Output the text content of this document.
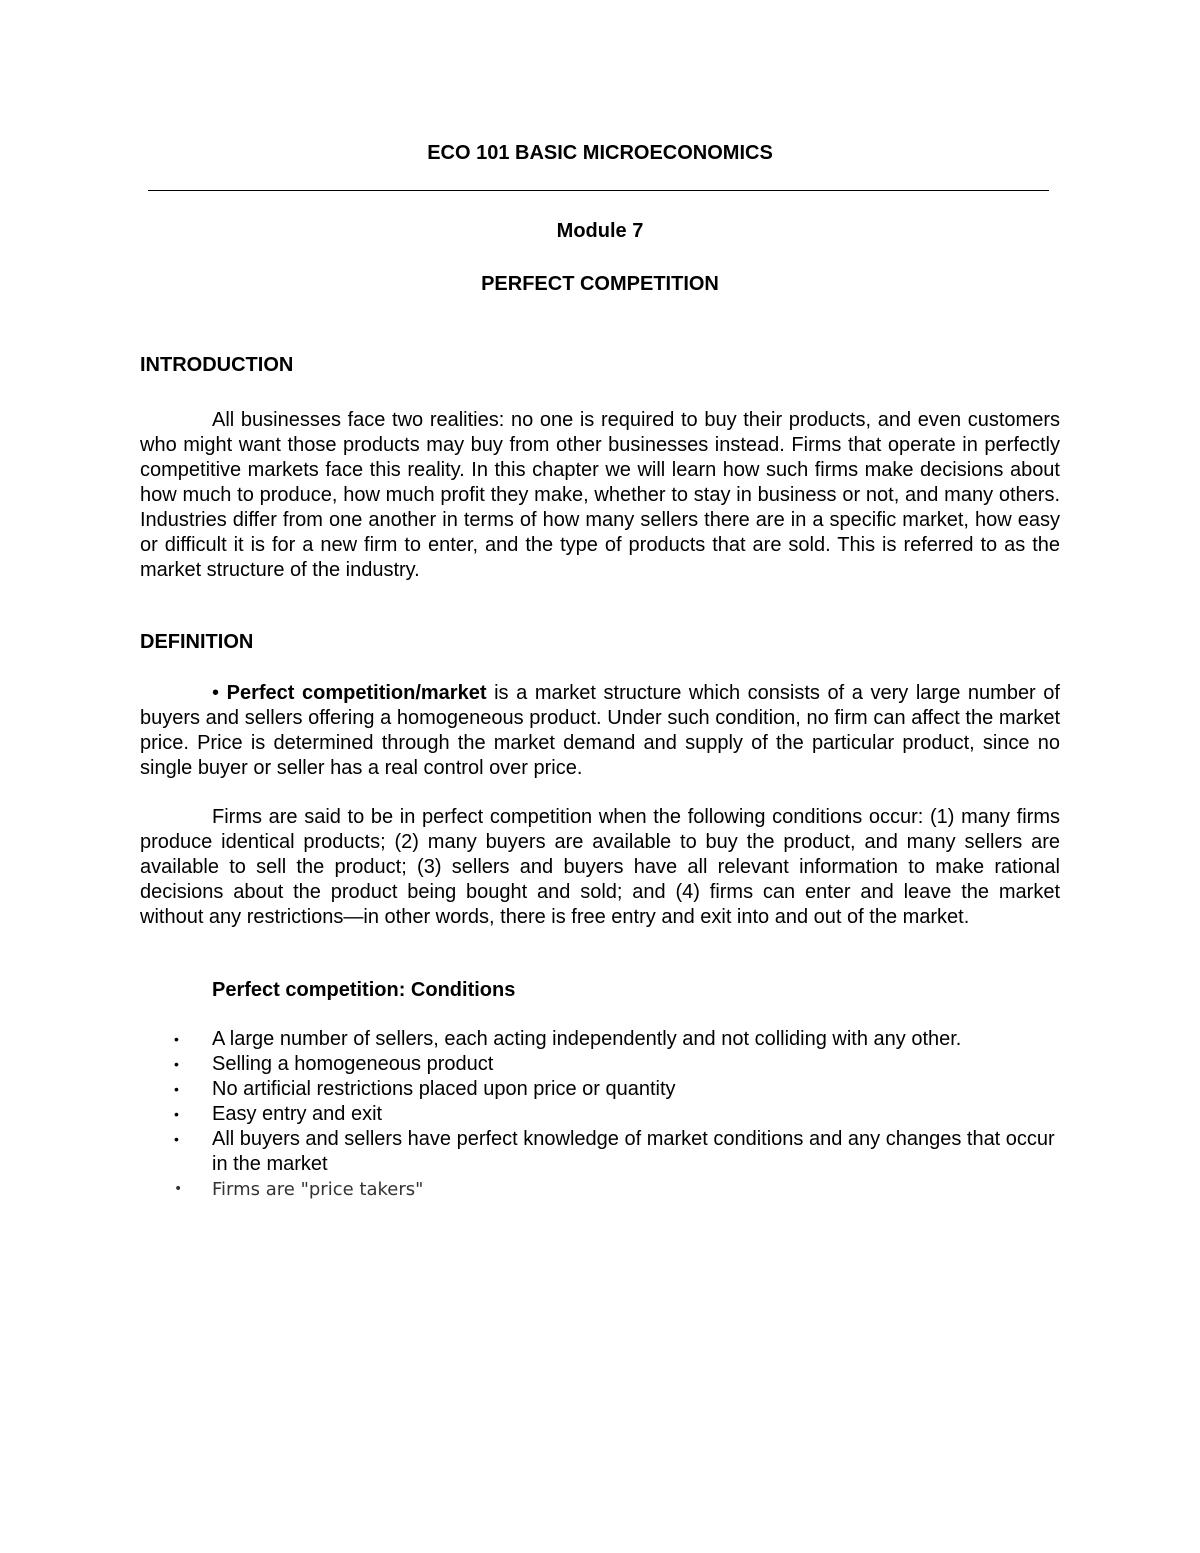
ECO 101 BASIC MICROECONOMICS
Module 7
PERFECT COMPETITION
INTRODUCTION

All businesses face two realities: no one is required to buy their products, and even customers who might want those products may buy from other businesses instead. Firms that operate in perfectly competitive markets face this reality. In this chapter we will learn how such firms make decisions about how much to produce, how much profit they make, whether to stay in business or not, and many others. Industries differ from one another in terms of how many sellers there are in a specific market, how easy or difficult it is for a new firm to enter, and the type of products that are sold. This is referred to as the market structure of the industry.

DEFINITION

• Perfect competition/market is a market structure which consists of a very large number of buyers and sellers offering a homogeneous product. Under such condition, no firm can affect the market price. Price is determined through the market demand and supply of the particular product, since no single buyer or seller has a real control over price.

Firms are said to be in perfect competition when the following conditions occur: (1) many firms produce identical products; (2) many buyers are available to buy the product, and many sellers are available to sell the product; (3) sellers and buyers have all relevant information to make rational decisions about the product being bought and sold; and (4) firms can enter and leave the market without any restrictions—in other words, there is free entry and exit into and out of the market.

Perfect competition: Conditions
• A large number of sellers, each acting independently and not colliding with any other.
• Selling a homogeneous product
• No artificial restrictions placed upon price or quantity
• Easy entry and exit
• All buyers and sellers have perfect knowledge of market conditions and any changes that occur in the market
• Firms are "price takers"
